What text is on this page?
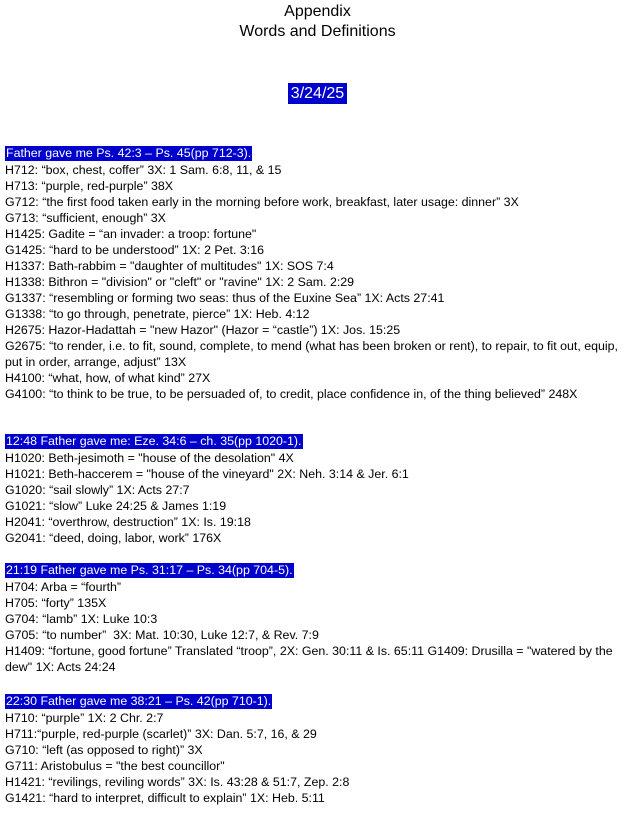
Appendix
Words and Definitions
3/24/25
Father gave me Ps. 42:3 – Ps. 45(pp 712-3).
H712: “box, chest, coffer” 3X: 1 Sam. 6:8, 11, & 15
H713: “purple, red-purple” 38X
G712: “the first food taken early in the morning before work, breakfast, later usage: dinner” 3X
G713: “sufficient, enough” 3X
H1425: Gadite = “an invader: a troop: fortune"
G1425: “hard to be understood” 1X: 2 Pet. 3:16
H1337: Bath-rabbim = "daughter of multitudes" 1X: SOS 7:4
H1338: Bithron = "division" or "cleft" or "ravine" 1X: 2 Sam. 2:29
G1337: “resembling or forming two seas: thus of the Euxine Sea” 1X: Acts 27:41
G1338: “to go through, penetrate, pierce” 1X: Heb. 4:12
H2675: Hazor-Hadattah = "new Hazor" (Hazor = “castle”) 1X: Jos. 15:25
G2675: “to render, i.e. to fit, sound, complete, to mend (what has been broken or rent), to repair, to fit out, equip, put in order, arrange, adjust” 13X
H4100: “what, how, of what kind” 27X
G4100: “to think to be true, to be persuaded of, to credit, place confidence in, of the thing believed” 248X
12:48 Father gave me: Eze. 34:6 – ch. 35(pp 1020-1).
H1020: Beth-jesimoth = "house of the desolation" 4X
H1021: Beth-haccerem = "house of the vineyard" 2X: Neh. 3:14 & Jer. 6:1
G1020: “sail slowly” 1X: Acts 27:7
G1021: “slow” Luke 24:25 & James 1:19
H2041: “overthrow, destruction” 1X: Is. 19:18
G2041: “deed, doing, labor, work” 176X
21:19 Father gave me Ps. 31:17 – Ps. 34(pp 704-5).
H704: Arba = “fourth”
H705: “forty” 135X
G704: “lamb” 1X: Luke 10:3
G705: “to number”  3X: Mat. 10:30, Luke 12:7, & Rev. 7:9
H1409: “fortune, good fortune” Translated “troop”, 2X: Gen. 30:11 & Is. 65:11 G1409: Drusilla = "watered by the dew" 1X: Acts 24:24
22:30 Father gave me 38:21 – Ps. 42(pp 710-1).
H710: “purple” 1X: 2 Chr. 2:7
H711:“purple, red-purple (scarlet)” 3X: Dan. 5:7, 16, & 29
G710: “left (as opposed to right)” 3X
G711: Aristobulus = "the best councillor"
H1421: “revilings, reviling words” 3X: Is. 43:28 & 51:7, Zep. 2:8
G1421: “hard to interpret, difficult to explain” 1X: Heb. 5:11
